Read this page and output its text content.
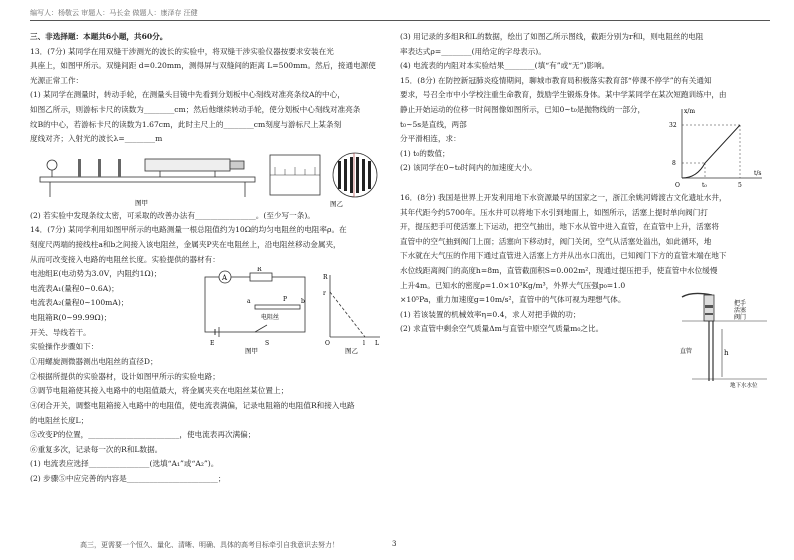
编写人：杨敬云 审题人：马长金 做题人：康泽存 汪健

三、非选择题：本题共6小题，共60分。

13．(7分) 某同学在用双缝干涉测光的波长的实验中，将双缝干涉实验仪器按要求安装在光

具座上，如图甲所示。双缝间距 d=0.20mm，测得屏与双缝间的距离 L=500mm。然后，接通电源使

光源正常工作：

(1) 某同学在测量时，转动手轮，在测量头目镜中先看到分划板中心刻线对准亮条纹A的中心，

如图乙所示，则游标卡尺的读数为________cm；然后他继续转动手轮，使分划板中心刻线对准亮条

纹B的中心，若游标卡尺的读数为1.67cm，此时主尺上的________cm刻度与游标尺上某条刻

度线对齐；入射光的波长λ=________m

图甲	图乙

(2) 若实验中发现条纹太密，可采取的改善办法有________________。(至少写一条)。

14．(7分) 某同学利用如图甲所示的电路测量一根总阻值约为10Ω的均匀电阻丝的电阻率ρ。在

刻度尺两端的接线柱a和b之间接入该电阻丝，金属夹P夹在电阻丝上，沿电阻丝移动金属夹，

从而可改变接入电路的电阻丝长度。实验提供的器材有：

电池组E(电动势为3.0V，内阻约1Ω)；

电流表A₁(量程0~0.6A)；

电流表A₂(量程0~100mA)；

电阻箱R(0~99.99Ω)；

开关、导线若干。

实验操作步骤如下：

A
R
a	b
P
电阻丝
E	S
图甲
R
L
O
r
l
图乙

①用螺旋测微器测出电阻丝的直径D；

②根据所提供的实验器材，设计如图甲所示的实验电路；

③调节电阻箱使其接入电路中的电阻值最大，将金属夹夹在电阻丝某位置上；

④闭合开关，调整电阻箱接入电路中的电阻值，使电流表满偏，记录电阻箱的电阻值R和接入电路

的电阻丝长度L；

⑤改变P的位置，________________________，使电流表再次满偏；

⑥重复多次，记录每一次的R和L数据。

(1) 电流表应选择________________(选填“A₁”或“A₂”)。

(2) 步骤⑤中应完善的内容是________________________；

(3) 用记录的多组R和L的数据，绘出了如图乙所示图线，截距分别为r和l，则电阻丝的电阻

率表达式ρ=________(用给定的字母表示)。

(4) 电流表的内阻对本实验结果________(填“有”或“无”)影响。

15．(8分) 在防控新冠肺炎疫情期间，聊城市教育局积极落实教育部“停课不停学”的有关通知

要求，号召全市中小学校注重生命教育，鼓励学生锻炼身体。某中学某同学在某次短跑训练中，由

静止开始运动的位移一时间图像如图所示，已知0~t₀是抛物线的一部分，t₀~5s是直线，两部

分平滑相连，求：

(1) t₀的数值；

(2) 该同学在0~t₀时间内的加速度大小。

x/m
t/s
32
8
O	t₀	5

16．(8分) 我国是世界上开发利用地下水资源最早的国家之一，浙江余姚河姆渡古文化遗址水井，

其年代距今约5700年。压水井可以将地下水引到地面上，如图所示，活塞上提时单向阀门打

开，提压把手可使活塞上下运动，把空气抽出，地下水从管中进入直管，在直管中上升，活塞将

直管中的空气抽到阀门上面；活塞向下移动时，阀门关闭，空气从活塞处溢出，如此循环，地

下水就在大气压的作用下通过直管进入活塞上方并从出水口流出，已知阀门下方的直管末端在地下

水位线距离阀门的高度h=8m，直管截面积S=0.002m²，现通过提压把手，使直管中水位缓慢

上升4m。已知水的密度ρ=1.0×10³Kg/m³，外界大气压强p₀=1.0

×10⁵Pa，重力加速度g=10m/s²，直管中的气体可视为理想气体。

(1) 若该装置的机械效率η=0.4，求人对把手做的功；

(2) 求直管中剩余空气质量Δm与直管中原空气质量m₀之比。

h
把手
活塞
阀门
直管
地下水水位
高三，更需要一个恒久、量化、清晰、明确、具体的高考目标牵引自我意识去努力！	3
